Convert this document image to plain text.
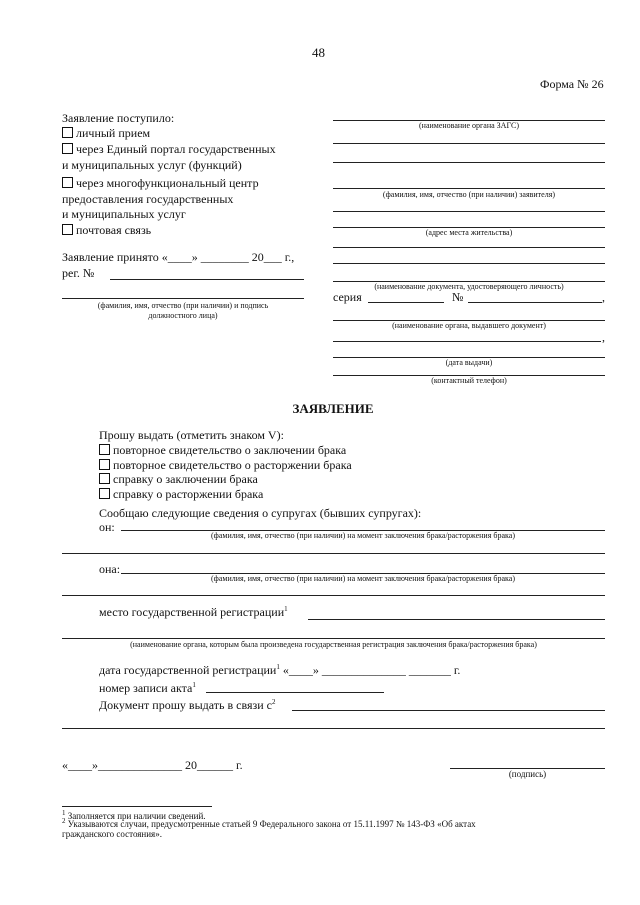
48
Форма № 26
Заявление поступило:
личный прием
через Единый портал государственных
и муниципальных услуг (функций)
через многофункциональный центр
предоставления государственных
и муниципальных услуг
почтовая связь
Заявление принято «____» ________ 20___ г.,
рег. №
(фамилия, имя, отчество (при наличии) и подпись
должностного лица)
(наименование органа ЗАГС)
(фамилия, имя, отчество (при наличии) заявителя)
(адрес места жительства)
(наименование документа, удостоверяющего личность)
серия	№	,
(наименование органа, выдавшего документ)
,
(дата выдачи)
(контактный телефон)
ЗАЯВЛЕНИЕ
Прошу выдать (отметить знаком V):
повторное свидетельство о заключении брака
повторное свидетельство о расторжении брака
справку о заключении брака
справку о расторжении брака
Сообщаю следующие сведения о супругах (бывших супругах):
он:
(фамилия, имя, отчество (при наличии) на момент заключения брака/расторжения брака)
она:
(фамилия, имя, отчество (при наличии) на момент заключения брака/расторжения брака)
место государственной регистрации$^1$
(наименование органа, которым была произведена государственная регистрация заключения брака/расторжения брака)
дата государственной регистрации$^1$ «____» ______________ _______ г.
номер записи акта$^1$
Документ прошу выдать в связи $с^2$
«____»______________ 20______ г.
(подпись)
$^1$ Заполняется при наличии сведений.
$^2$ Указываются случаи, предусмотренные статьей 9 Федерального закона от 15.11.1997 № 143-ФЗ «Об актах
гражданского состояния».
